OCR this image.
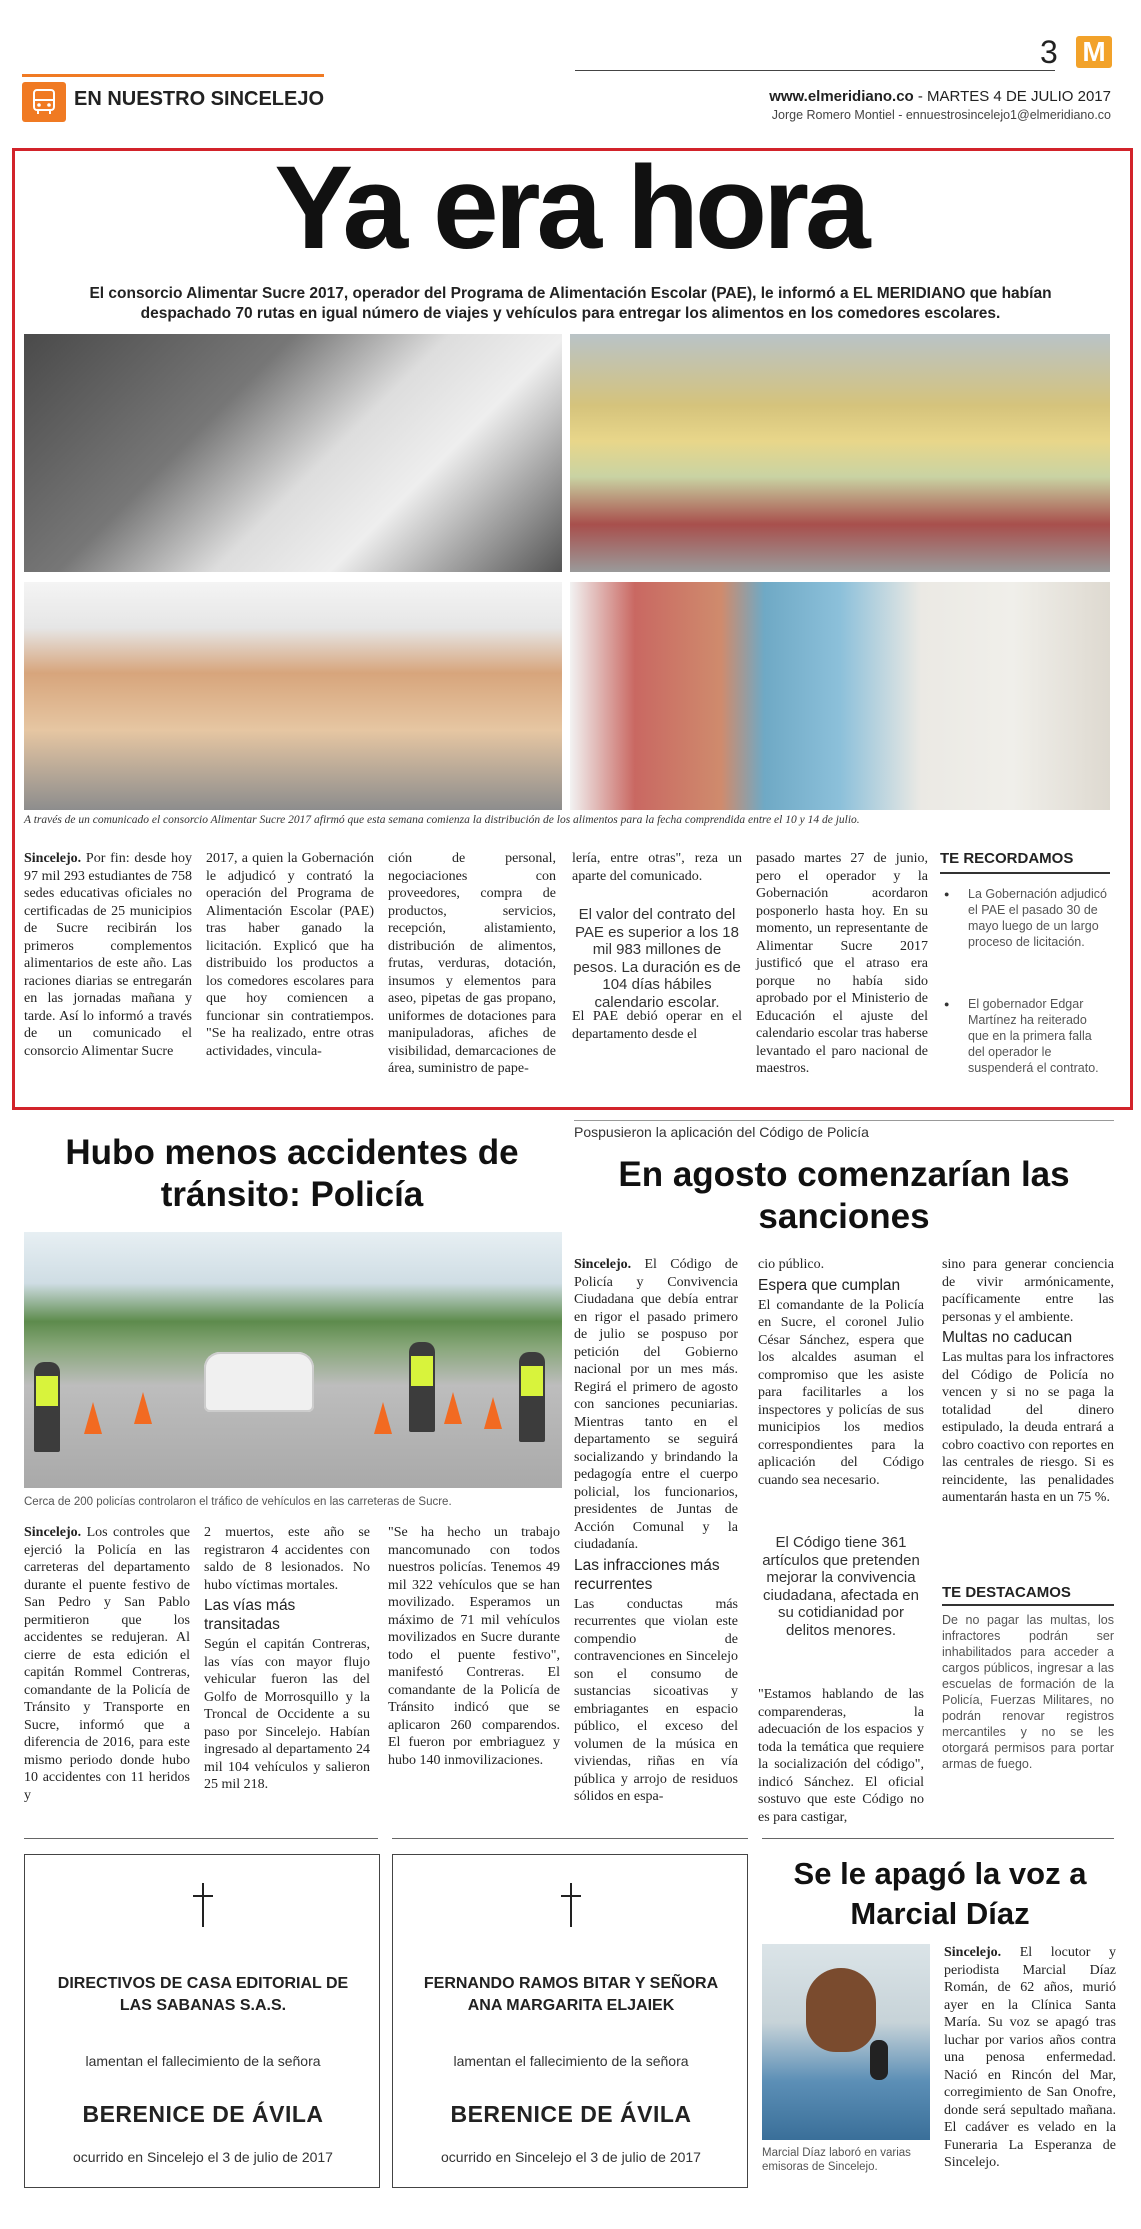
3 M
EN NUESTRO SINCELEJO	www.elmeridiano.co - MARTES 4 DE JULIO 2017
Jorge Romero Montiel - ennuestrosincelejo1@elmeridiano.co
Ya era hora

El consorcio Alimentar Sucre 2017, operador del Programa de Alimentación Escolar (PAE), le informó a EL MERIDIANO que habían despachado 70 rutas en igual número de viajes y vehículos para entregar los alimentos en los comedores escolares.

A través de un comunicado el consorcio Alimentar Sucre 2017 afirmó que esta semana comienza la distribución de los alimentos para la fecha comprendida entre el 10 y 14 de julio.

Sincelejo. Por fin: desde hoy 97 mil 293 estudiantes de 758 sedes educativas oficiales no certificadas de 25 municipios de Sucre recibirán los primeros complementos alimentarios de este año. Las raciones diarias se entregarán en las jornadas mañana y tarde. Así lo informó a través de un comunicado el consorcio Alimentar Sucre
2017, a quien la Gobernación le adjudicó y contrató la operación del Programa de Alimentación Escolar (PAE) tras haber ganado la licitación. Explicó que ha distribuido los productos a los comedores escolares para que hoy comiencen a funcionar sin contratiempos. "Se ha realizado, entre otras actividades, vincula-
ción de personal, negociaciones con proveedores, compra de productos, servicios, recepción, alistamiento, distribución de alimentos, frutas, verduras, dotación, insumos y elementos para aseo, pipetas de gas propano, uniformes de dotaciones para manipuladoras, afiches de visibilidad, demarcaciones de área, suministro de pape-
lería, entre otras", reza un aparte del comunicado.
El valor del contrato del PAE es superior a los 18 mil 983 millones de pesos. La duración es de 104 días hábiles calendario escolar.
El PAE debió operar en el departamento desde el
pasado martes 27 de junio, pero el operador y la Gobernación acordaron posponerlo hasta hoy. En su momento, un representante de Alimentar Sucre 2017 justificó que el atraso era porque no había sido aprobado por el Ministerio de Educación el ajuste del calendario escolar tras haberse levantado el paro nacional de maestros.
TE RECORDAMOS
● La Gobernación adjudicó el PAE el pasado 30 de mayo luego de un largo proceso de licitación.
● El gobernador Edgar Martínez ha reiterado que en la primera falla del operador le suspenderá el contrato.
Hubo menos accidentes de tránsito: Policía

Cerca de 200 policías controlaron el tráfico de vehículos en las carreteras de Sucre.

Sincelejo. Los controles que ejerció la Policía en las carreteras del departamento durante el puente festivo de San Pedro y San Pablo permitieron que los accidentes se redujeran. Al cierre de esta edición el capitán Rommel Contreras, comandante de la Policía de Tránsito y Transporte en Sucre, informó que a diferencia de 2016, para este mismo periodo donde hubo 10 accidentes con 11 heridos y
2 muertos, este año se registraron 4 accidentes con saldo de 8 lesionados. No hubo víctimas mortales.
Las vías más transitadas
Según el capitán Contreras, las vías con mayor flujo vehicular fueron las del Golfo de Morrosquillo y la Troncal de Occidente a su paso por Sincelejo. Habían ingresado al departamento 24 mil 104 vehículos y salieron 25 mil 218.
"Se ha hecho un trabajo mancomunado con todos nuestros policías. Tenemos 49 mil 322 vehículos que se han movilizado. Esperamos un máximo de 71 mil vehículos movilizados en Sucre durante todo el puente festivo", manifestó Contreras. El comandante de la Policía de Tránsito indicó que se aplicaron 260 comparendos. El fueron por embriaguez y hubo 140 inmovilizaciones.
Pospusieron la aplicación del Código de Policía
En agosto comenzarían las sanciones
Sincelejo. El Código de Policía y Convivencia Ciudadana que debía entrar en rigor el pasado primero de julio se pospuso por petición del Gobierno nacional por un mes más. Regirá el primero de agosto con sanciones pecuniarias. Mientras tanto en el departamento se seguirá socializando y brindando la pedagogía entre el cuerpo policial, los funcionarios, presidentes de Juntas de Acción Comunal y la ciudadanía.
Las infracciones más recurrentes
Las conductas más recurrentes que violan este compendio de contravenciones en Sincelejo son el consumo de sustancias sicoativas y embriagantes en espacio público, el exceso del volumen de la música en viviendas, riñas en vía pública y arrojo de residuos sólidos en espa-
cio público.
Espera que cumplan
El comandante de la Policía en Sucre, el coronel Julio César Sánchez, espera que los alcaldes asuman el compromiso que les asiste para facilitarles a los inspectores y policías de sus municipios los medios correspondientes para la aplicación del Código cuando sea necesario.
El Código tiene 361 artículos que pretenden mejorar la convivencia ciudadana, afectada en su cotidianidad por delitos menores.
"Estamos hablando de las comparenderas, la adecuación de los espacios y toda la temática que requiere la socialización del código", indicó Sánchez. El oficial sostuvo que este Código no es para castigar,
sino para generar conciencia de vivir armónicamente, pacíficamente entre las personas y el ambiente.
Multas no caducan
Las multas para los infractores del Código de Policía no vencen y si no se paga la totalidad del dinero estipulado, la deuda entrará a cobro coactivo con reportes en las centrales de riesgo. Si es reincidente, las penalidades aumentarán hasta en un 75 %.
TE DESTACAMOS
De no pagar las multas, los infractores podrán ser inhabilitados para acceder a cargos públicos, ingresar a las escuelas de formación de la Policía, Fuerzas Militares, no podrán renovar registros mercantiles y no se les otorgará permisos para portar armas de fuego.
DIRECTIVOS DE CASA EDITORIAL DE LAS SABANAS S.A.S.
lamentan el fallecimiento de la señora
BERENICE DE ÁVILA
ocurrido en Sincelejo el 3 de julio de 2017
FERNANDO RAMOS BITAR Y SEÑORA ANA MARGARITA ELJAIEK
lamentan el fallecimiento de la señora
BERENICE DE ÁVILA
ocurrido en Sincelejo el 3 de julio de 2017
Se le apagó la voz a Marcial Díaz

Marcial Díaz laboró en varias emisoras de Sincelejo.

Sincelejo. El locutor y periodista Marcial Díaz Román, de 62 años, murió ayer en la Clínica Santa María. Su voz se apagó tras luchar por varios años contra una penosa enfermedad. Nació en Rincón del Mar, corregimiento de San Onofre, donde será sepultado mañana. El cadáver es velado en la Funeraria La Esperanza de Sincelejo.
